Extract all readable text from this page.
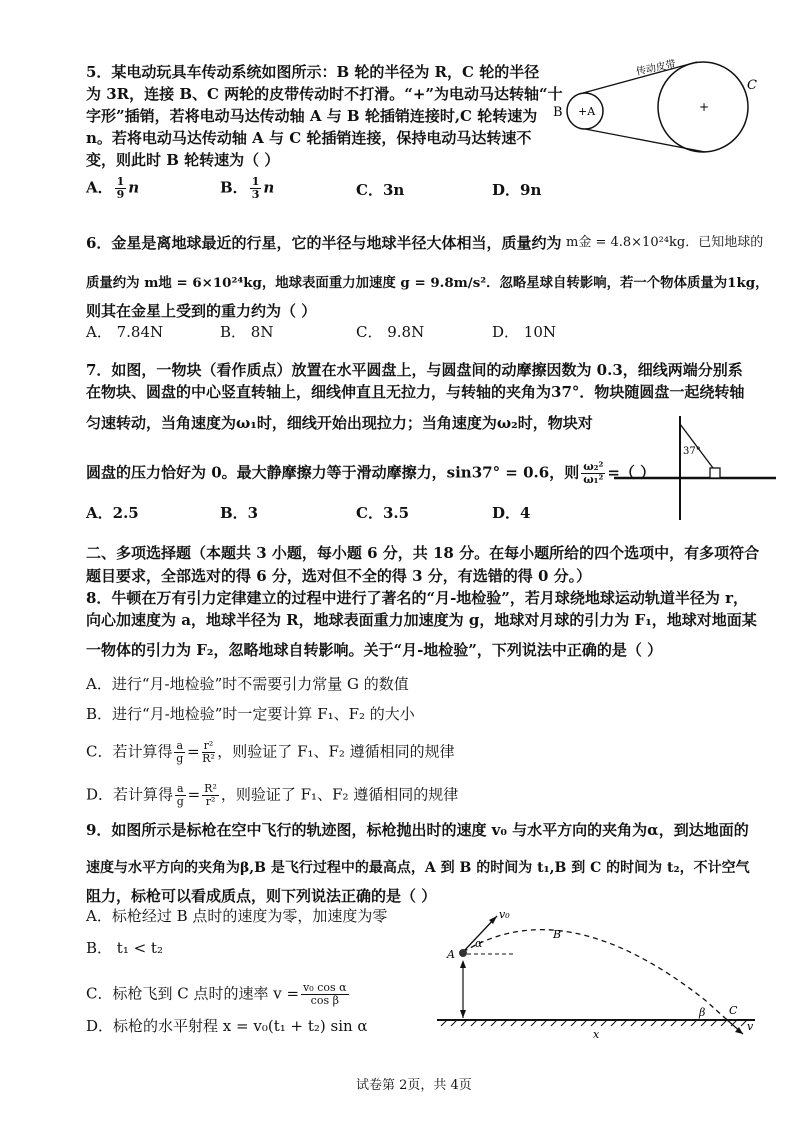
5．某电动玩具车传动系统如图所示：B 轮的半径为 R，C 轮的半径
为 3R，连接 B、C 两轮的皮带传动时不打滑。“+”为电动马达转轴“十
字形”插销，若将电动马达传动轴 A 与 B 轮插销连接时,C 轮转速为
n。若将电动马达传动轴 A 与 C 轮插销连接，保持电动马达转速不
变，则此时 B 轮转速为（ ）
A． $\frac{1}{9}$ n	B． $\frac{1}{3}$ n	C．3n	D．9n
传动皮带
B +A	+
C
6．金星是离地球最近的行星，它的半径与地球半径大体相当，质量约为 m金 = 4.8×10²⁴kg．已知地球的
质量约为 m地 = 6×10²⁴kg，地球表面重力加速度 g = 9.8m/s²．忽略星球自转影响，若一个物体质量为1kg，
则其在金星上受到的重力约为（ ）
A． 7.84N	B． 8N	C． 9.8N	D． 10N
7．如图，一物块（看作质点）放置在水平圆盘上，与圆盘间的动摩擦因数为 0.3，细线两端分别系
在物块、圆盘的中心竖直转轴上，细线伸直且无拉力，与转轴的夹角为37°．物块随圆盘一起绕转轴
匀速转动，当角速度为ω₁时，细线开始出现拉力；当角速度为ω₂时，物块对
圆盘的压力恰好为 0。最大静摩擦力等于滑动摩擦力，sin37° = 0.6，则 $\frac{\text{ω₂²}}{\text{ω₁²}}$ =（ ）
A．2.5	B．3	C．3.5	D．4
37°
二、多项选择题（本题共 3 小题，每小题 6 分，共 18 分。在每小题所给的四个选项中，有多项符合
题目要求，全部选对的得 6 分，选对但不全的得 3 分，有选错的得 0 分。）
8．牛顿在万有引力定律建立的过程中进行了著名的“月-地检验”，若月球绕地球运动轨道半径为 r，
向心加速度为 a，地球半径为 R，地球表面重力加速度为 g，地球对月球的引力为 F₁，地球对地面某
一物体的引力为 F₂，忽略地球自转影响。关于“月-地检验”，下列说法中正确的是（ ）
A．进行“月-地检验”时不需要引力常量 G 的数值
B．进行“月-地检验”时一定要计算 F₁、F₂ 的大小
C．若计算得 $\frac{a}{g} = \frac{\text{r²}}{\text{R²}}$ ，则验证了 F₁、F₂ 遵循相同的规律
D．若计算得 $\frac{a}{g} = \frac{\text{R²}}{\text{r²}}$ ，则验证了 F₁、F₂ 遵循相同的规律
9．如图所示是标枪在空中飞行的轨迹图，标枪抛出时的速度 v₀ 与水平方向的夹角为α，到达地面的
速度与水平方向的夹角为β,B 是飞行过程中的最高点，A 到 B 的时间为 t₁,B 到 C 的时间为 t₂，不计空气
阻力，标枪可以看成质点，则下列说法正确的是（ ）
A．标枪经过 B 点时的速度为零，加速度为零
B． t₁ < t₂
C．标枪飞到 C 点时的速率 $v = \frac{\text{v₀ cos α}}{\text{cos β}}$
D．标枪的水平射程 x = v₀(t₁ + t₂) sin α
v₀
α
A
B
β C
v
x
试卷第 2页，共 4页
